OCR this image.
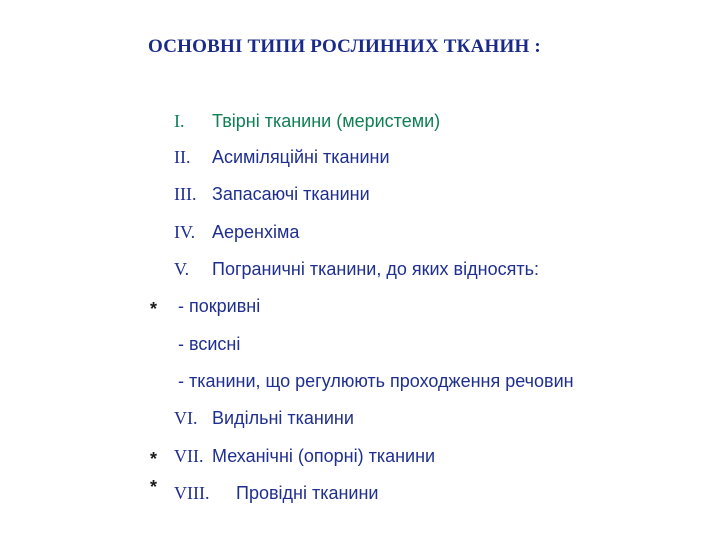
ОСНОВНІ ТИПИ РОСЛИННИХ ТКАНИН :
I. Твірні тканини (меристеми)
II. Асиміляційні тканини
III. Запасаючі тканини
IV. Аеренхіма
V. Пограничні тканини, до яких відносять:
* - покривні
- всисні
- тканини, що регулюють проходження речовин
VI. Видільні тканини
* VII. Механічні (опорні) тканини
* VIII. Провідні тканини
